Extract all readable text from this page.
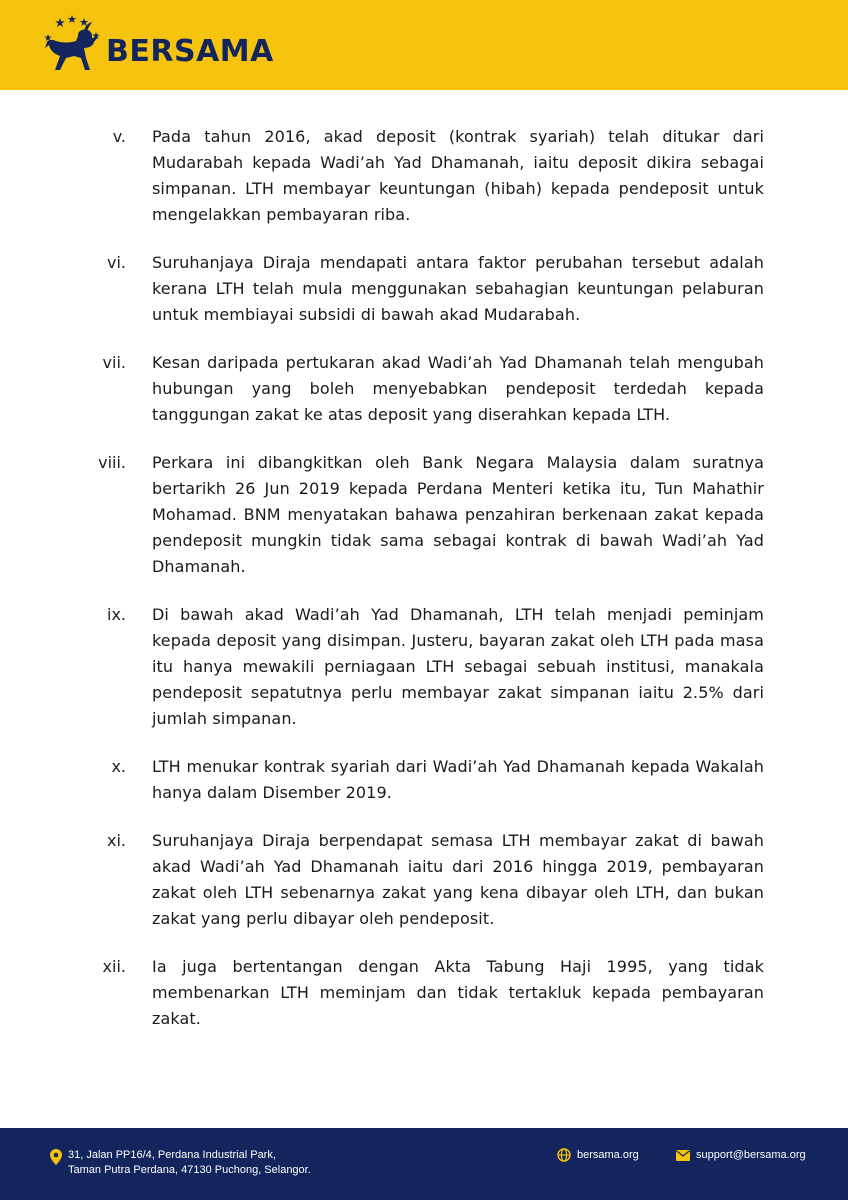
BERSAMA
v. Pada tahun 2016, akad deposit (kontrak syariah) telah ditukar dari Mudarabah kepada Wadi’ah Yad Dhamanah, iaitu deposit dikira sebagai simpanan. LTH membayar keuntungan (hibah) kepada pendeposit untuk mengelakkan pembayaran riba.
vi. Suruhanjaya Diraja mendapati antara faktor perubahan tersebut adalah kerana LTH telah mula menggunakan sebahagian keuntungan pelaburan untuk membiayai subsidi di bawah akad Mudarabah.
vii. Kesan daripada pertukaran akad Wadi’ah Yad Dhamanah telah mengubah hubungan yang boleh menyebabkan pendeposit terdedah kepada tanggungan zakat ke atas deposit yang diserahkan kepada LTH.
viii. Perkara ini dibangkitkan oleh Bank Negara Malaysia dalam suratnya bertarikh 26 Jun 2019 kepada Perdana Menteri ketika itu, Tun Mahathir Mohamad. BNM menyatakan bahawa penzahiran berkenaan zakat kepada pendeposit mungkin tidak sama sebagai kontrak di bawah Wadi’ah Yad Dhamanah.
ix. Di bawah akad Wadi’ah Yad Dhamanah, LTH telah menjadi peminjam kepada deposit yang disimpan. Justeru, bayaran zakat oleh LTH pada masa itu hanya mewakili perniagaan LTH sebagai sebuah institusi, manakala pendeposit sepatutnya perlu membayar zakat simpanan iaitu 2.5% dari jumlah simpanan.
x. LTH menukar kontrak syariah dari Wadi’ah Yad Dhamanah kepada Wakalah hanya dalam Disember 2019.
xi. Suruhanjaya Diraja berpendapat semasa LTH membayar zakat di bawah akad Wadi’ah Yad Dhamanah iaitu dari 2016 hingga 2019, pembayaran zakat oleh LTH sebenarnya zakat yang kena dibayar oleh LTH, dan bukan zakat yang perlu dibayar oleh pendeposit.
xii. Ia juga bertentangan dengan Akta Tabung Haji 1995, yang tidak membenarkan LTH meminjam dan tidak tertakluk kepada pembayaran zakat.
31, Jalan PP16/4, Perdana Industrial Park,
Taman Putra Perdana, 47130 Puchong, Selangor.
bersama.org	support@bersama.org
